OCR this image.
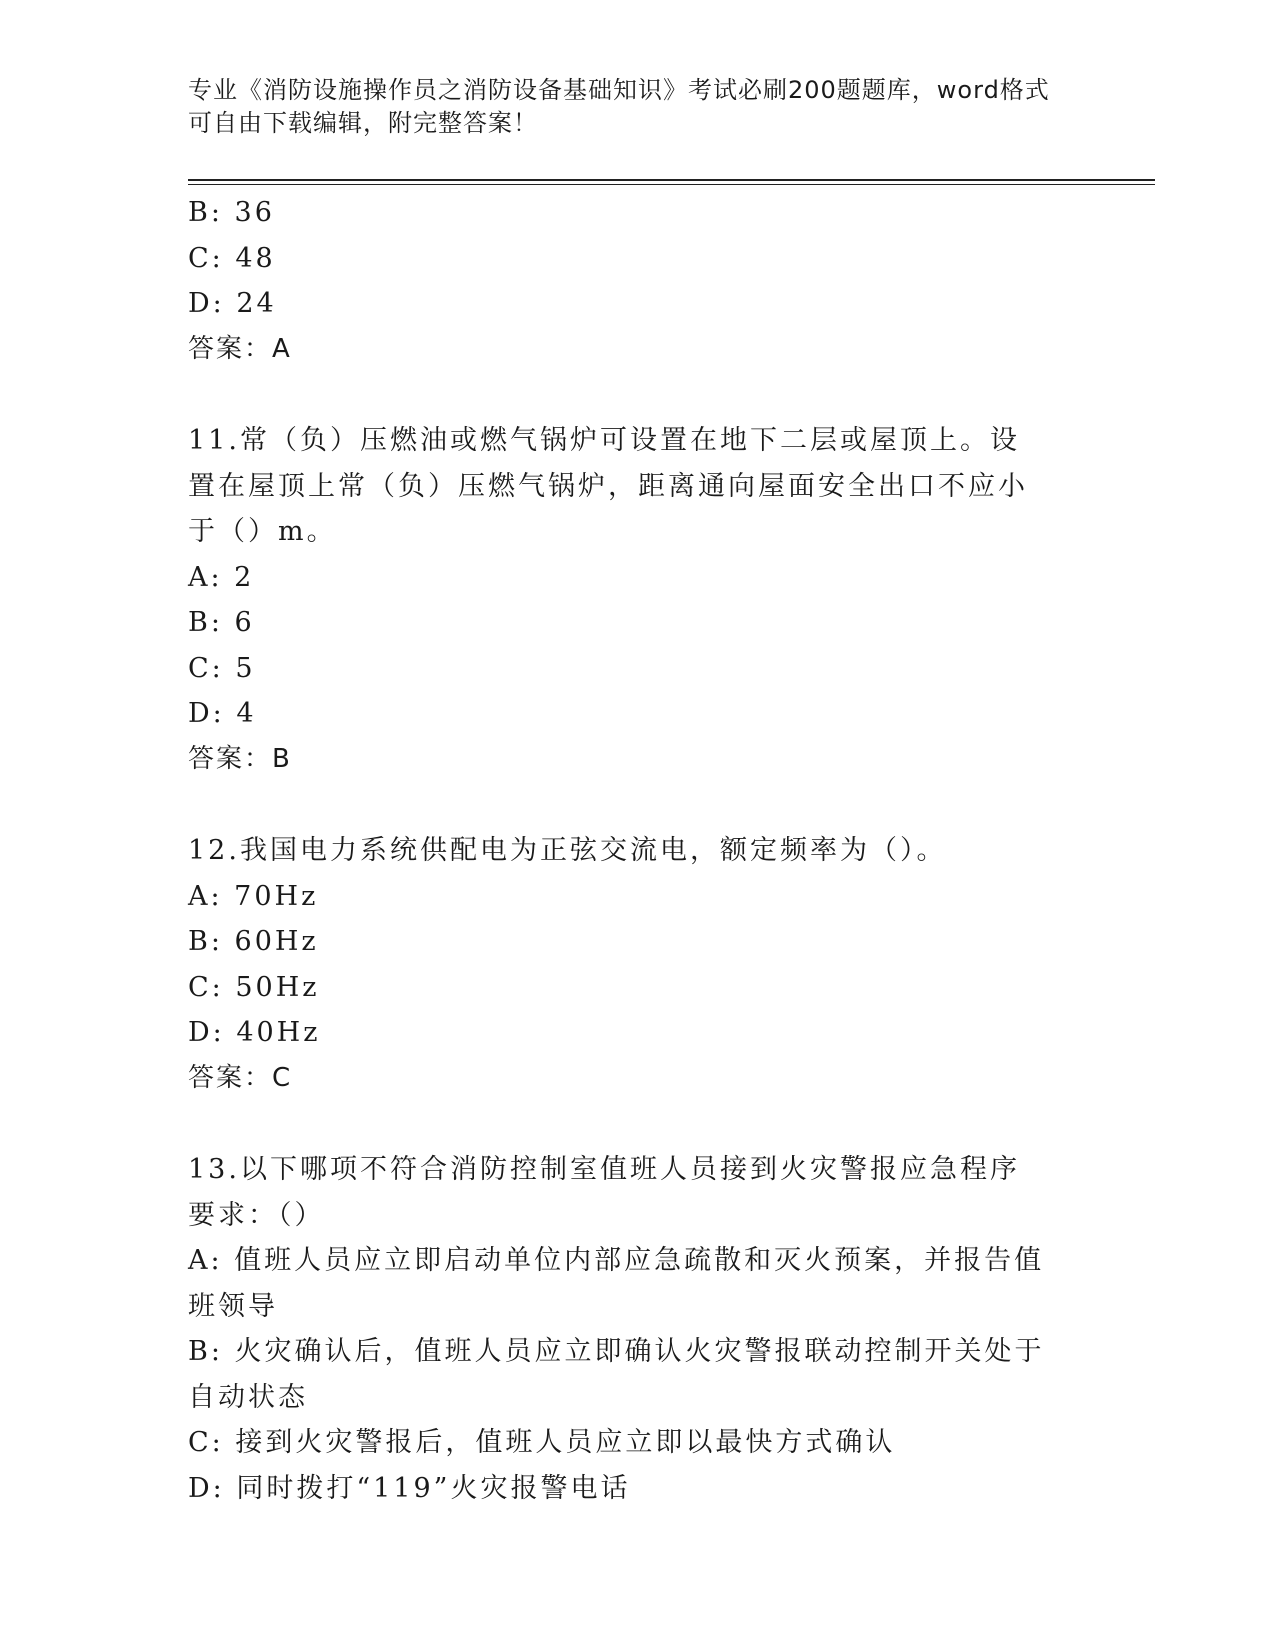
专业《消防设施操作员之消防设备基础知识》考试必刷200题题库，word格式可自由下载编辑，附完整答案！
B: 36
C: 48
D: 24
答案：A
11.常（负）压燃油或燃气锅炉可设置在地下二层或屋顶上。设置在屋顶上常（负）压燃气锅炉，距离通向屋面安全出口不应小于（）m。
A: 2
B: 6
C: 5
D: 4
答案：B
12.我国电力系统供配电为正弦交流电，额定频率为（）。
A: 70Hz
B: 60Hz
C: 50Hz
D: 40Hz
答案：C
13.以下哪项不符合消防控制室值班人员接到火灾警报应急程序要求：（）
A: 值班人员应立即启动单位内部应急疏散和灭火预案，并报告值班领导
B: 火灾确认后，值班人员应立即确认火灾警报联动控制开关处于自动状态
C: 接到火灾警报后，值班人员应立即以最快方式确认
D: 同时拨打“119”火灾报警电话
